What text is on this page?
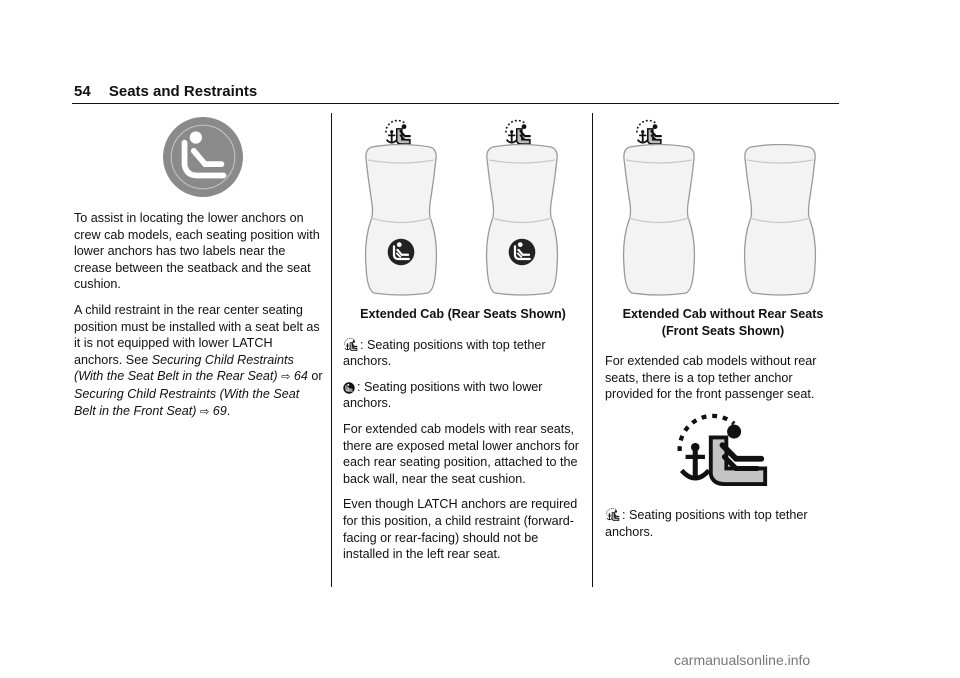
54 Seats and Restraints

To assist in locating the lower anchors on crew cab models, each seating position with lower anchors has two labels near the crease between the seatback and the seat cushion.

A child restraint in the rear center seating position must be installed with a seat belt as it is not equipped with lower LATCH anchors. See Securing Child Restraints (With the Seat Belt in the Rear Seat) ⇨ 64 or Securing Child Restraints (With the Seat Belt in the Front Seat) ⇨ 69.

Extended Cab (Rear Seats Shown)

: Seating positions with top tether anchors.

: Seating positions with two lower anchors.

For extended cab models with rear seats, there are exposed metal lower anchors for each rear seating position, attached to the back wall, near the seat cushion.

Even though LATCH anchors are required for this position, a child restraint (forward-facing or rear-facing) should not be installed in the left rear seat.

Extended Cab without Rear Seats (Front Seats Shown)

For extended cab models without rear seats, there is a top tether anchor provided for the front passenger seat.

: Seating positions with top tether anchors.

carmanualsonline.info
